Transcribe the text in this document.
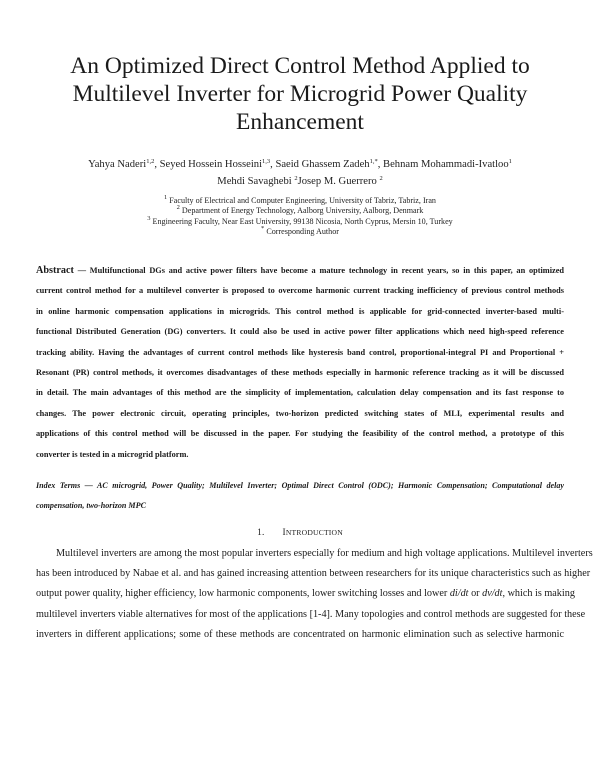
An Optimized Direct Control Method Applied to
Multilevel Inverter for Microgrid Power Quality
Enhancement
Yahya Naderi$^{1,2}$, Seyed Hossein Hosseini$^{1,3}$, Saeid Ghassem Zadeh$^{1,*}$, Behnam Mohammadi-Ivatloo$^1$
Mehdi Savaghebi $^2$Josep M. Guerrero $^2$
$^1$ Faculty of Electrical and Computer Engineering, University of Tabriz, Tabriz, Iran
$^2$ Department of Energy Technology, Aalborg University, Aalborg, Denmark
$^3$ Engineering Faculty, Near East University, 99138 Nicosia, North Cyprus, Mersin 10, Turkey
* Corresponding Author
Abstract — Multifunctional DGs and active power filters have become a mature technology in recent years, so in this paper, an optimized
current control method for a multilevel converter is proposed to overcome harmonic current tracking inefficiency of previous control methods
in online harmonic compensation applications in microgrids. This control method is applicable for grid-connected inverter-based multi-
functional Distributed Generation (DG) converters. It could also be used in active power filter applications which need high-speed reference
tracking ability. Having the advantages of current control methods like hysteresis band control, proportional-integral PI and Proportional +
Resonant (PR) control methods, it overcomes disadvantages of these methods especially in harmonic reference tracking as it will be discussed
in detail. The main advantages of this method are the simplicity of implementation, calculation delay compensation and its fast response to
changes. The power electronic circuit, operating principles, two-horizon predicted switching states of MLI, experimental results and
applications of this control method will be discussed in the paper. For studying the feasibility of the control method, a prototype of this
converter is tested in a microgrid platform.
Index Terms — AC microgrid, Power Quality; Multilevel Inverter; Optimal Direct Control (ODC); Harmonic Compensation; Computational delay
compensation, two-horizon MPC
1. INTRODUCTION
Multilevel inverters are among the most popular inverters especially for medium and high voltage applications. Multilevel inverters
has been introduced by Nabae et al. and has gained increasing attention between researchers for its unique characteristics such as higher
output power quality, higher efficiency, low harmonic components, lower switching losses and lower di/dt or dv/dt, which is making
multilevel inverters viable alternatives for most of the applications [1-4]. Many topologies and control methods are suggested for these
inverters in different applications; some of these methods are concentrated on harmonic elimination such as selective harmonic
